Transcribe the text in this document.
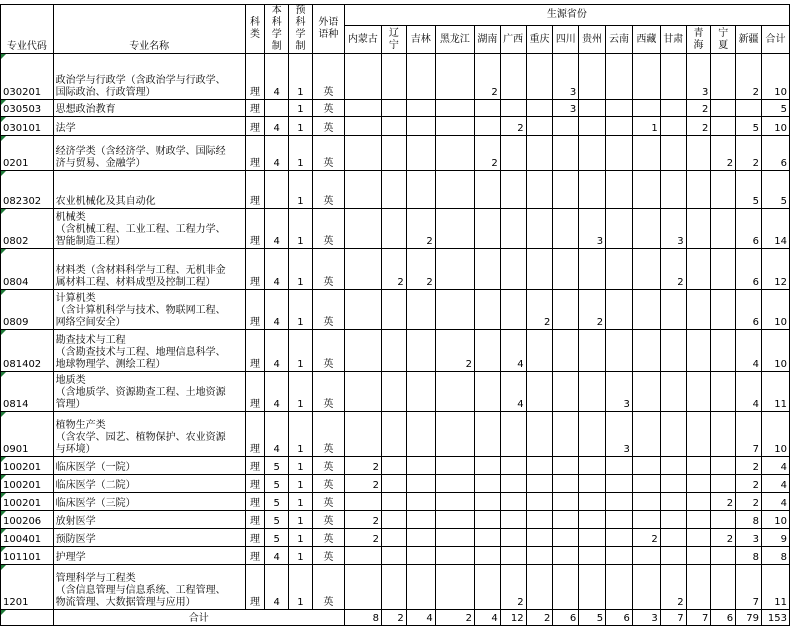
专业代码	专业名称	科类	本科学制	预科学制	外语语种	生源省份															
						内蒙古	辽宁	吉林	黑龙江	湖南	广西	重庆	四川	贵州	云南	西藏	甘肃	青海	宁夏	新疆	合计
030201	政治学与行政学（含政治学与行政学、
国际政治、行政管理）	理	4	1	英					2			3					3		2	10
030503	思想政治教育	理		1	英								3					2			5
030101	法学	理	4	1	英						2					1		2		5	10
0201	经济学类（含经济学、财政学、国际经
济与贸易、金融学）	理	4	1	英					2									2	2	6
082302	农业机械化及其自动化	理		1	英															5	5
0802	机械类
（含机械工程、工业工程、工程力学、
智能制造工程）	理	4	1	英			2						3			3			6	14
0804	材料类（含材料科学与工程、无机非金
属材料工程、材料成型及控制工程）	理	4	1	英		2	2									2			6	12
0809	计算机类
（含计算机科学与技术、物联网工程、
网络空间安全）	理	4	1	英							2		2						6	10
081402	勘查技术与工程
（含勘查技术与工程、地理信息科学、
地球物理学、测绘工程）	理	4	1	英				2		4									4	10
0814	地质类
（含地质学、资源勘查工程、土地资源
管理）	理	4	1	英						4				3					4	11
0901	植物生产类
（含农学、园艺、植物保护、农业资源
与环境）	理	4	1	英										3					7	10
100201	临床医学（一院）	理	5	1	英	2														2	4
100201	临床医学（二院）	理	5	1	英	2														2	4
100201	临床医学（三院）	理	5	1	英														2	2	4
100206	放射医学	理	5	1	英	2														8	10
100401	预防医学	理	5	1	英	2										2			2	3	9
101101	护理学	理	4	1	英															8	8
1201	管理科学与工程类
（含信息管理与信息系统、工程管理、
物流管理、大数据管理与应用）	理	4	1	英						2						2			7	11
	合计					8	2	4	2	4	12	2	6	5	6	3	7	7	6	79	153
